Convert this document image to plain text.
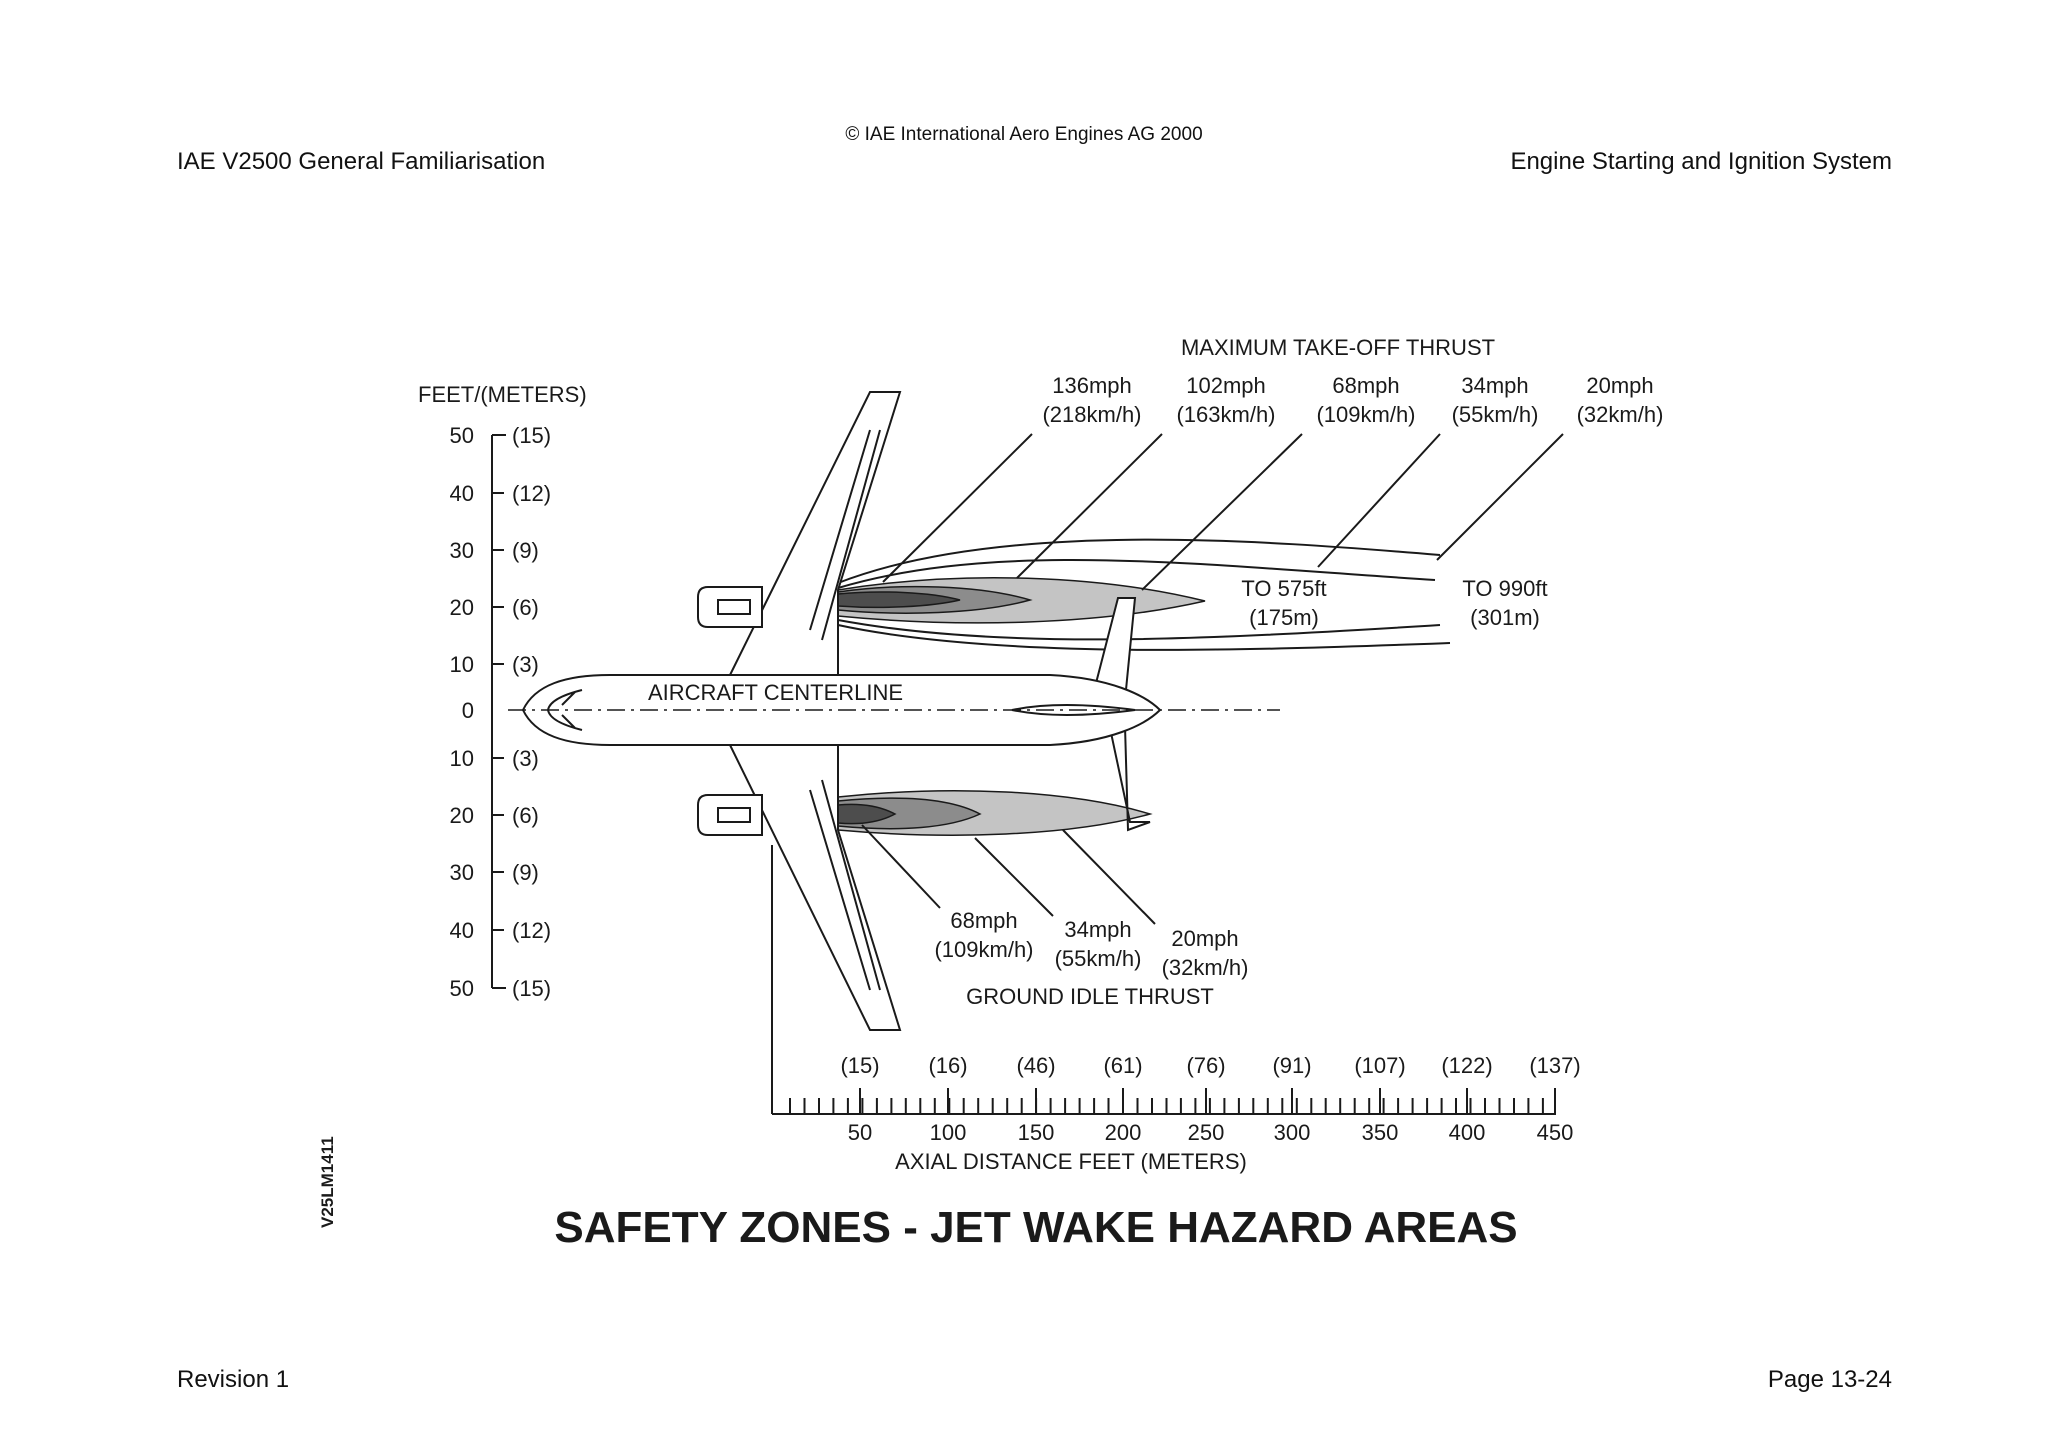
© IAE International Aero Engines AG 2000
IAE V2500 General Familiarisation	Engine Starting and Ignition System
Revision 1	Page 13-24
FEET/(METERS)
50 (15)
40 (12)
30 (9)
20 (6)
10 (3)
0
10 (3)
20 (6)
30 (9)
40 (12)
50 (15)
50
(15)
100
(16)
150
(46)
200
(61)
250
(76)
300
(91)
350
(107)
400
(122)
450
(137)
AXIAL DISTANCE FEET (METERS)
AIRCRAFT CENTERLINE
MAXIMUM TAKE-OFF THRUST
136mph
(218km/h)
102mph
(163km/h)
68mph
(109km/h)
34mph
(55km/h)
20mph
(32km/h)
TO 575ft
(175m)
TO 990ft
(301m)
68mph
(109km/h)
34mph
(55km/h)
20mph
(32km/h)
GROUND IDLE THRUST
SAFETY ZONES - JET WAKE HAZARD AREAS
V25LM1411
